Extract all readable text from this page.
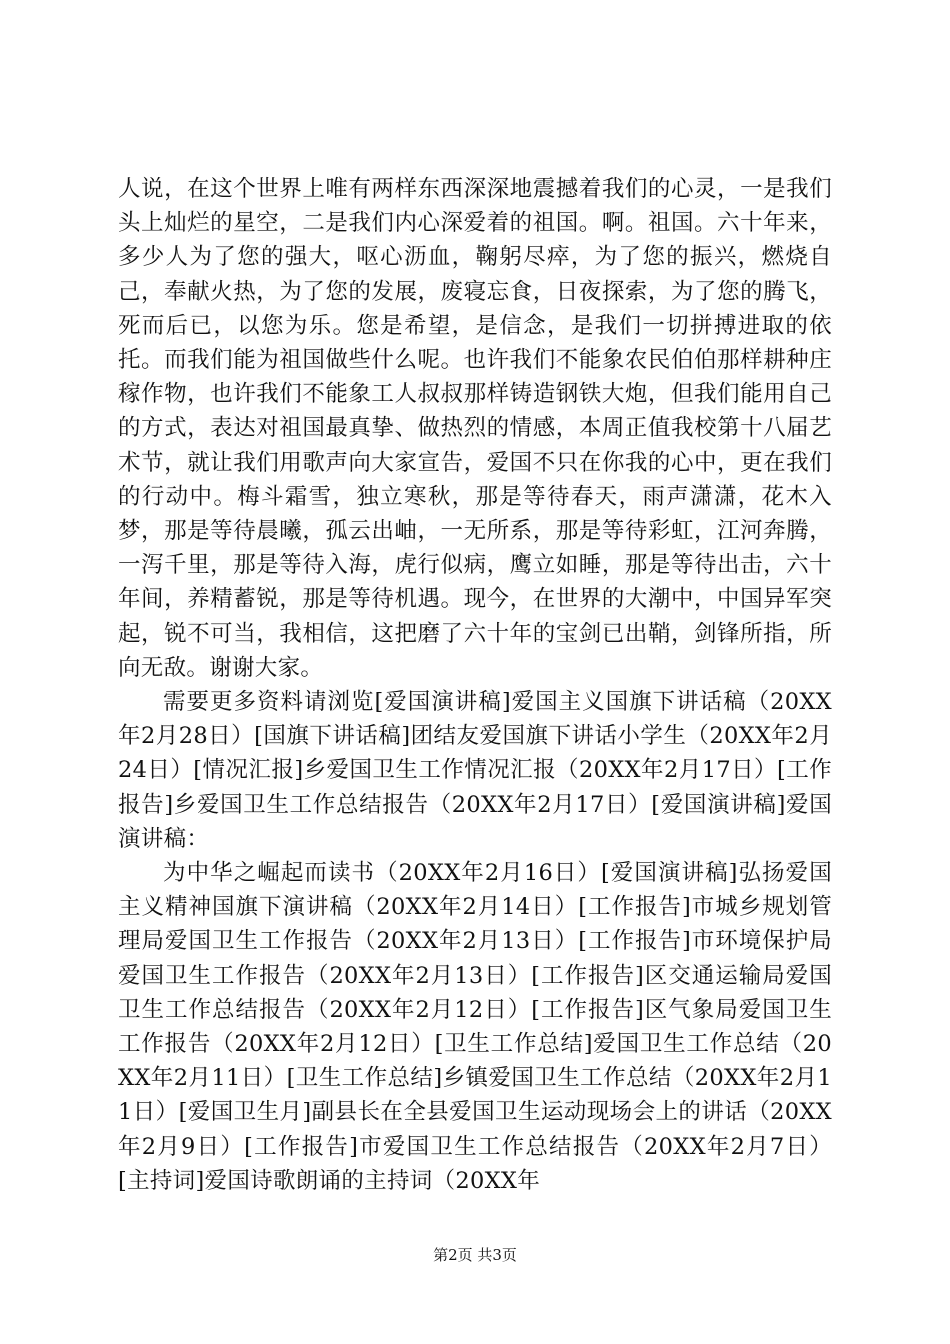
人说，在这个世界上唯有两样东西深深地震撼着我们的心灵，一是我们头上灿烂的星空，二是我们内心深爱着的祖国。啊。祖国。六十年来，多少人为了您的强大，呕心沥血，鞠躬尽瘁，为了您的振兴，燃烧自己，奉献火热，为了您的发展，废寝忘食，日夜探索，为了您的腾飞，死而后已，以您为乐。您是希望，是信念，是我们一切拼搏进取的依托。而我们能为祖国做些什么呢。也许我们不能象农民伯伯那样耕种庄稼作物，也许我们不能象工人叔叔那样铸造钢铁大炮，但我们能用自己的方式，表达对祖国最真挚、做热烈的情感，本周正值我校第十八届艺术节，就让我们用歌声向大家宣告，爱国不只在你我的心中，更在我们的行动中。梅斗霜雪，独立寒秋，那是等待春天，雨声潇潇，花木入梦，那是等待晨曦，孤云出岫，一无所系，那是等待彩虹，江河奔腾，一泻千里，那是等待入海，虎行似病，鹰立如睡，那是等待出击，六十年间，养精蓄锐，那是等待机遇。现今，在世界的大潮中，中国异军突起，锐不可当，我相信，这把磨了六十年的宝剑已出鞘，剑锋所指，所向无敌。谢谢大家。

需要更多资料请浏览[爱国演讲稿]爱国主义国旗下讲话稿（20XX年2月28日）[国旗下讲话稿]团结友爱国旗下讲话小学生（20XX年2月24日）[情况汇报]乡爱国卫生工作情况汇报（20XX年2月17日）[工作报告]乡爱国卫生工作总结报告（20XX年2月17日）[爱国演讲稿]爱国演讲稿：

为中华之崛起而读书（20XX年2月16日）[爱国演讲稿]弘扬爱国主义精神国旗下演讲稿（20XX年2月14日）[工作报告]市城乡规划管理局爱国卫生工作报告（20XX年2月13日）[工作报告]市环境保护局爱国卫生工作报告（20XX年2月13日）[工作报告]区交通运输局爱国卫生工作总结报告（20XX年2月12日）[工作报告]区气象局爱国卫生工作报告（20XX年2月12日）[卫生工作总结]爱国卫生工作总结（20XX年2月11日）[卫生工作总结]乡镇爱国卫生工作总结（20XX年2月11日）[爱国卫生月]副县长在全县爱国卫生运动现场会上的讲话（20XX年2月9日）[工作报告]市爱国卫生工作总结报告（20XX年2月7日）[主持词]爱国诗歌朗诵的主持词（20XX年

第2页 共3页
